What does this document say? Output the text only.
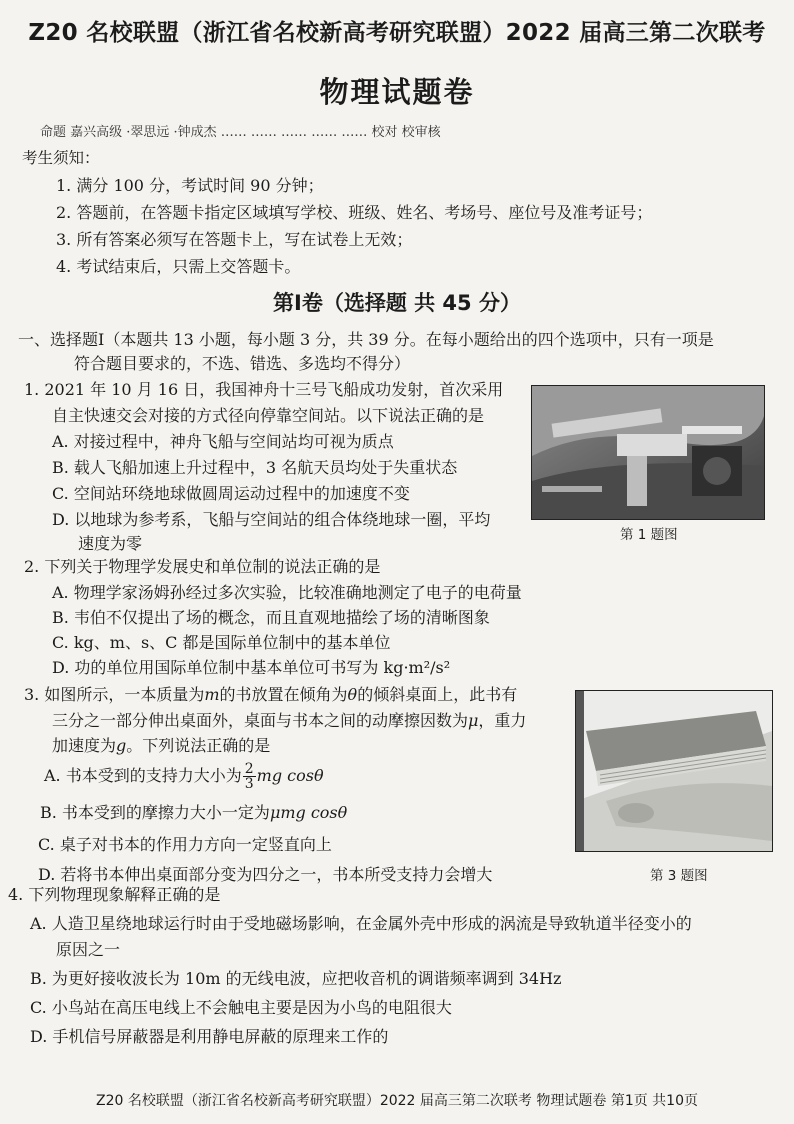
Z20 名校联盟（浙江省名校新高考研究联盟）2022 届高三第二次联考
物理试题卷
命题 嘉兴高级 ·翠思远 ·钟成杰 …… …… …… …… …… 校对 校审核
考生须知：
1. 满分 100 分，考试时间 90 分钟；
2. 答题前，在答题卡指定区域填写学校、班级、姓名、考场号、座位号及准考证号；
3. 所有答案必须写在答题卡上，写在试卷上无效；
4. 考试结束后，只需上交答题卡。
第Ⅰ卷（选择题 共 45 分）
一、选择题Ⅰ（本题共 13 小题，每小题 3 分，共 39 分。在每小题给出的四个选项中，只有一项是
符合题目要求的，不选、错选、多选均不得分）
1. 2021 年 10 月 16 日，我国神舟十三号飞船成功发射，首次采用
自主快速交会对接的方式径向停靠空间站。以下说法正确的是
A. 对接过程中，神舟飞船与空间站均可视为质点
B. 载人飞船加速上升过程中，3 名航天员均处于失重状态
C. 空间站环绕地球做圆周运动过程中的加速度不变
D. 以地球为参考系，飞船与空间站的组合体绕地球一圈，平均
速度为零	第 1 题图
2. 下列关于物理学发展史和单位制的说法正确的是
A. 物理学家汤姆孙经过多次实验，比较准确地测定了电子的电荷量
B. 韦伯不仅提出了场的概念，而且直观地描绘了场的清晰图象
C. kg、m、s、C 都是国际单位制中的基本单位
D. 功的单位用国际单位制中基本单位可书写为 kg·m²/s²
3. 如图所示，一本质量为m的书放置在倾角为θ的倾斜桌面上，此书有
三分之一部分伸出桌面外，桌面与书本之间的动摩擦因数为μ，重力
加速度为g。下列说法正确的是
A. 书本受到的支持力大小为 $\frac{2}{3}$ mg cosθ
B. 书本受到的摩擦力大小一定为μmg cosθ
C. 桌子对书本的作用力方向一定竖直向上
D. 若将书本伸出桌面部分变为四分之一，书本所受支持力会增大	第 3 题图
4. 下列物理现象解释正确的是
A. 人造卫星绕地球运行时由于受地磁场影响，在金属外壳中形成的涡流是导致轨道半径变小的
原因之一
B. 为更好接收波长为 10m 的无线电波，应把收音机的调谐频率调到 34Hz
C. 小鸟站在高压电线上不会触电主要是因为小鸟的电阻很大
D. 手机信号屏蔽器是利用静电屏蔽的原理来工作的
Z20 名校联盟（浙江省名校新高考研究联盟）2022 届高三第二次联考 物理试题卷 第1页 共10页
